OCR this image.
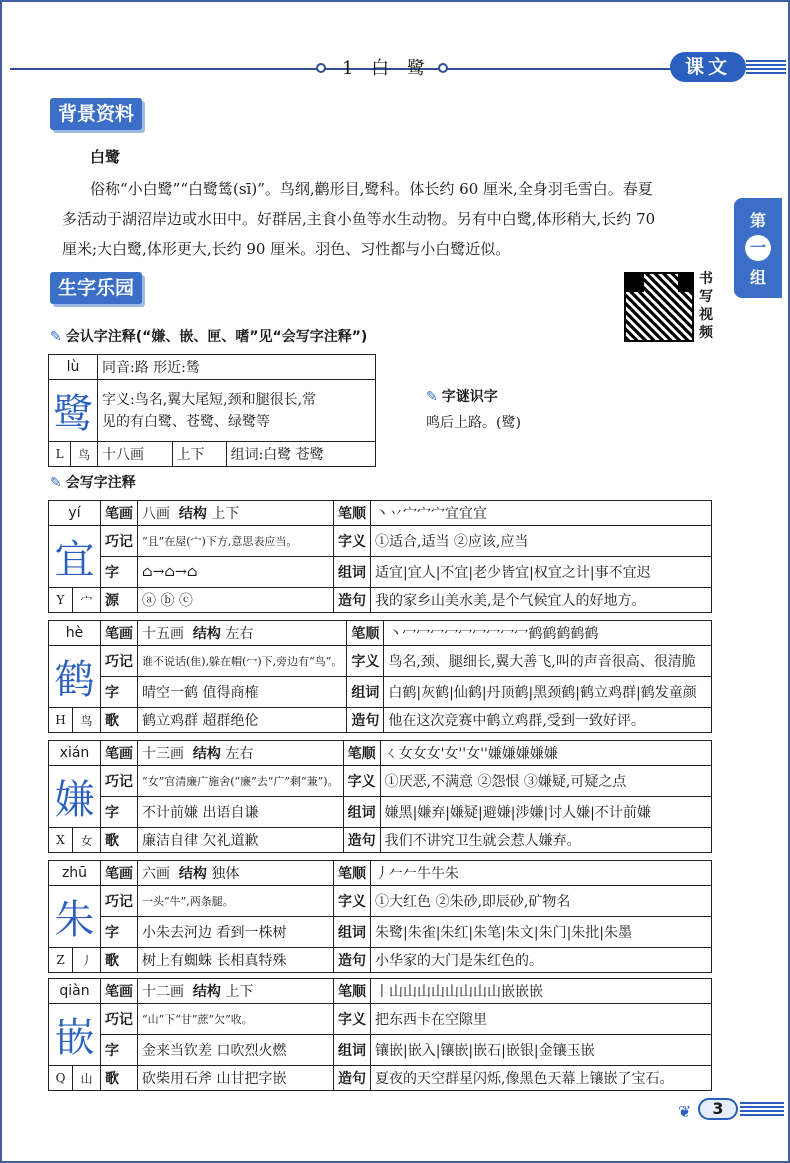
1 白 鹭	课文
第
一
组
背景资料
白鹭
俗称“小白鹭”“白鹭鸶(sī)”。鸟纲,鹳形目,鹭科。体长约 60 厘米,全身羽毛雪白。春夏
多活动于湖沼岸边或水田中。好群居,主食小鱼等水生动物。另有中白鹭,体形稍大,长约 70
厘米;大白鹭,体形更大,长约 90 厘米。羽色、习性都与小白鹭近似。
生字乐园	书
写
视
频
✎ 会认字注释(“嫌、嵌、匣、嗜”见“会写字注释”)
lù		同音:路 形近:鸶		
鹭		字义:鸟名,翼大尾短,颈和腿很长,常
见的有白鹭、苍鹭、绿鹭等		

L	鸟	十八画	上下	组词:白鹭 苍鹭
✎ 字谜识字
鸣后上路。(鹭)
✎ 会写字注释
yí		笔画	八画 结构 上下	笔顺	丶丷宀宀宀宜宜宜
宜		巧记	“且”在屋(宀)下方,意思表应当。	字义	①适合,适当 ②应该,应当
		字	⌂→⌂→⌂	组词	适宜|宜人|不宜|老少皆宜|权宜之计|事不宜迟
Y	宀	源	ⓐ ⓑ ⓒ	造句	我的家乡山美水美,是个气候宜人的好地方。
hè		笔画	十五画 结构 左右	笔顺	丶冖冖冖冖冖冖冖冖冖鹤鹤鹤鹤鹤
鹤		巧记	谁不说话(隹),躲在帽(冖)下,旁边有“鸟”。	字义	鸟名,颈、腿细长,翼大善飞,叫的声音很高、很清脆
		字	晴空一鹤 值得商榷	组词	白鹤|灰鹤|仙鹤|丹顶鹤|黑颈鹤|鹤立鸡群|鹤发童颜
H	鸟	歌	鹤立鸡群 超群绝伦	造句	他在这次竞赛中鹤立鸡群,受到一致好评。
xián		笔画	十三画 结构 左右	笔顺	ㄑ女女女'女''女''嫌嫌嫌嫌嫌
嫌		巧记	“女”官清廉广施舍(“廉”去“广”剩“兼”)。	字义	①厌恶,不满意 ②怨恨 ③嫌疑,可疑之点
		字	不计前嫌 出语自谦	组词	嫌黑|嫌弃|嫌疑|避嫌|涉嫌|讨人嫌|不计前嫌
X	女	歌	廉洁自律 欠礼道歉	造句	我们不讲究卫生就会惹人嫌弃。
zhū		笔画	六画 结构 独体	笔顺	丿𠂉𠂉牛牛朱
朱		巧记	一头“牛”,两条腿。	字义	①大红色 ②朱砂,即辰砂,矿物名
		字	小朱去河边 看到一株树	组词	朱鹭|朱雀|朱红|朱笔|朱文|朱门|朱批|朱墨
Z	丿	歌	树上有蜘蛛 长相真特殊	造句	小华家的大门是朱红色的。
qiàn		笔画	十二画 结构 上下	笔顺	丨山山山山山山山山嵌嵌嵌
嵌		巧记	“山”下“甘”蔗“欠”收。	字义	把东西卡在空隙里
		字	金来当钦差 口吹烈火燃	组词	镶嵌|嵌入|镶嵌|嵌石|嵌银|金镶玉嵌
Q	山	歌	砍柴用石斧 山甘把字嵌	造句	夏夜的天空群星闪烁,像黑色天幕上镶嵌了宝石。
❦	3
